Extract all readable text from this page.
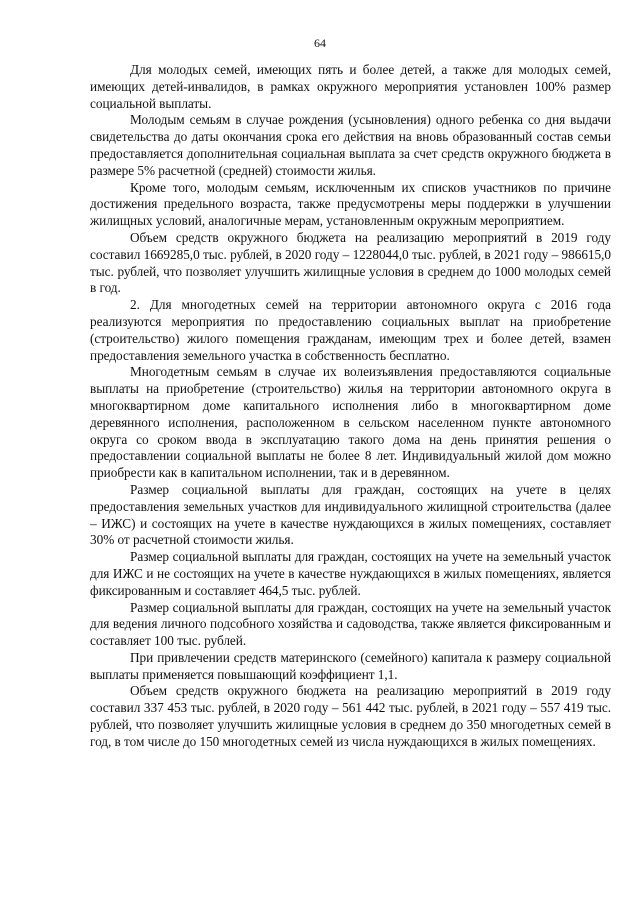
64

Для молодых семей, имеющих пять и более детей, а также для молодых семей, имеющих детей-инвалидов, в рамках окружного мероприятия установлен 100% размер социальной выплаты.

Молодым семьям в случае рождения (усыновления) одного ребенка со дня выдачи свидетельства до даты окончания срока его действия на вновь образованный состав семьи предоставляется дополнительная социальная выплата за счет средств окружного бюджета в размере 5% расчетной (средней) стоимости жилья.

Кроме того, молодым семьям, исключенным их списков участников по причине достижения предельного возраста, также предусмотрены меры поддержки в улучшении жилищных условий, аналогичные мерам, установленным окружным мероприятием.

Объем средств окружного бюджета на реализацию мероприятий в 2019 году составил 1669285,0 тыс. рублей, в 2020 году – 1228044,0 тыс. рублей, в 2021 году – 986615,0 тыс. рублей, что позволяет улучшить жилищные условия в среднем до 1000 молодых семей в год.

2. Для многодетных семей на территории автономного округа с 2016 года реализуются мероприятия по предоставлению социальных выплат на приобретение (строительство) жилого помещения гражданам, имеющим трех и более детей, взамен предоставления земельного участка в собственность бесплатно.

Многодетным семьям в случае их волеизъявления предоставляются социальные выплаты на приобретение (строительство) жилья на территории автономного округа в многоквартирном доме капитального исполнения либо в многоквартирном доме деревянного исполнения, расположенном в сельском населенном пункте автономного округа со сроком ввода в эксплуатацию такого дома на день принятия решения о предоставлении социальной выплаты не более 8 лет. Индивидуальный жилой дом можно приобрести как в капитальном исполнении, так и в деревянном.

Размер социальной выплаты для граждан, состоящих на учете в целях предоставления земельных участков для индивидуального жилищной строительства (далее – ИЖС) и состоящих на учете в качестве нуждающихся в жилых помещениях, составляет 30% от расчетной стоимости жилья.

Размер социальной выплаты для граждан, состоящих на учете на земельный участок для ИЖС и не состоящих на учете в качестве нуждающихся в жилых помещениях, является фиксированным и составляет 464,5 тыс. рублей.

Размер социальной выплаты для граждан, состоящих на учете на земельный участок для ведения личного подсобного хозяйства и садоводства, также является фиксированным и составляет 100 тыс. рублей.

При привлечении средств материнского (семейного) капитала к размеру социальной выплаты применяется повышающий коэффициент 1,1.

Объем средств окружного бюджета на реализацию мероприятий в 2019 году составил 337 453 тыс. рублей, в 2020 году – 561 442 тыс. рублей, в 2021 году – 557 419 тыс. рублей, что позволяет улучшить жилищные условия в среднем до 350 многодетных семей в год, в том числе до 150 многодетных семей из числа нуждающихся в жилых помещениях.
